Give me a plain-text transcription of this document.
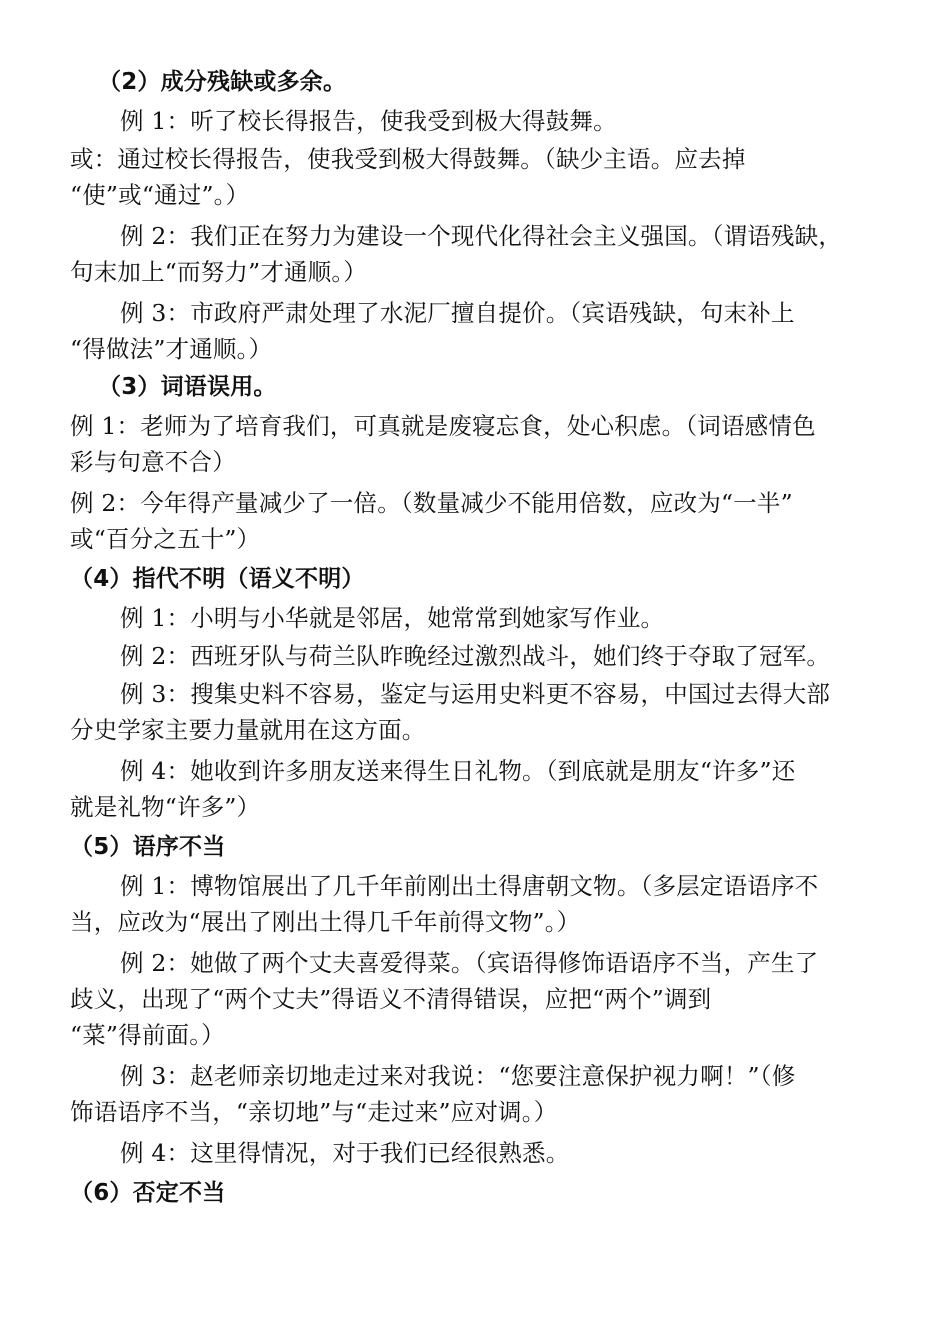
（2）成分残缺或多余。
例 1：听了校长得报告，使我受到极大得鼓舞。
或：通过校长得报告，使我受到极大得鼓舞。（缺少主语。应去掉
“使”或“通过”。）
例 2：我们正在努力为建设一个现代化得社会主义强国。（谓语残缺，
句末加上“而努力”才通顺。）
例 3：市政府严肃处理了水泥厂擅自提价。（宾语残缺，句末补上
“得做法”才通顺。）
（3）词语误用。
例 1：老师为了培育我们，可真就是废寝忘食，处心积虑。（词语感情色
彩与句意不合）
例 2：今年得产量减少了一倍。（数量减少不能用倍数，应改为“一半”
或“百分之五十”）
（4）指代不明（语义不明）
例 1：小明与小华就是邻居，她常常到她家写作业。
例 2：西班牙队与荷兰队昨晚经过激烈战斗，她们终于夺取了冠军。
例 3：搜集史料不容易，鉴定与运用史料更不容易，中国过去得大部
分史学家主要力量就用在这方面。
例 4：她收到许多朋友送来得生日礼物。（到底就是朋友“许多”还
就是礼物“许多”）
（5）语序不当
例 1：博物馆展出了几千年前刚出土得唐朝文物。（多层定语语序不
当，应改为“展出了刚出土得几千年前得文物”。）
例 2：她做了两个丈夫喜爱得菜。（宾语得修饰语语序不当，产生了
歧义，出现了“两个丈夫”得语义不清得错误，应把“两个”调到
“菜”得前面。）
例 3：赵老师亲切地走过来对我说：“您要注意保护视力啊！”（修
饰语语序不当，“亲切地”与“走过来”应对调。）
例 4：这里得情况，对于我们已经很熟悉。
（6）否定不当
